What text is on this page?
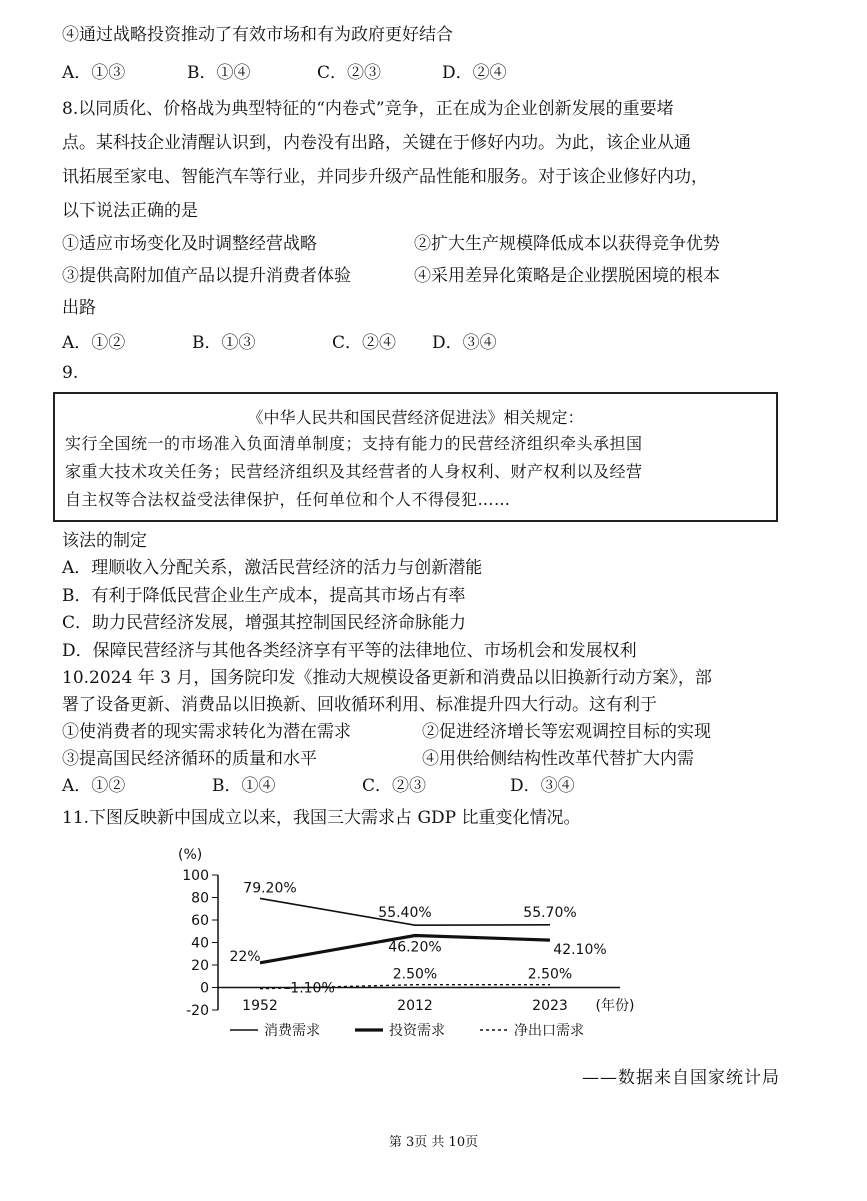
④通过战略投资推动了有效市场和有为政府更好结合
A．①③	B．①④	C．②③	D．②④
8.以同质化、价格战为典型特征的“内卷式”竞争，正在成为企业创新发展的重要堵
点。某科技企业清醒认识到，内卷没有出路，关键在于修好内功。为此，该企业从通
讯拓展至家电、智能汽车等行业，并同步升级产品性能和服务。对于该企业修好内功，
以下说法正确的是
①适应市场变化及时调整经营战略	②扩大生产规模降低成本以获得竞争优势
③提供高附加值产品以提升消费者体验	④采用差异化策略是企业摆脱困境的根本
出路
A．①②	B．①③	C．②④ D．③④
9.
《中华人民共和国民营经济促进法》相关规定：
实行全国统一的市场准入负面清单制度；支持有能力的民营经济组织牵头承担国
家重大技术攻关任务；民营经济组织及其经营者的人身权利、财产权利以及经营
自主权等合法权益受法律保护，任何单位和个人不得侵犯……
该法的制定
A．理顺收入分配关系，激活民营经济的活力与创新潜能
B．有利于降低民营企业生产成本，提高其市场占有率
C．助力民营经济发展，增强其控制国民经济命脉能力
D．保障民营经济与其他各类经济享有平等的法律地位、市场机会和发展权利
10.2024 年 3 月，国务院印发《推动大规模设备更新和消费品以旧换新行动方案》，部
署了设备更新、消费品以旧换新、回收循环利用、标准提升四大行动。这有利于
①使消费者的现实需求转化为潜在需求	②促进经济增长等宏观调控目标的实现
③提高国民经济循环的质量和水平	④用供给侧结构性改革代替扩大内需
A．①②	B．①④	C．②③	D．③④
11.下图反映新中国成立以来，我国三大需求占 GDP 比重变化情况。
(%)
-20
0
20
40
60
80
100
1952	2012	2023 (年份)
79.20%
55.40%	55.70%
22%
46.20%	42.10%
-1.10%
2.50%	2.50%
消费需求	投资需求	净出口需求
——数据来自国家统计局
第 3页 共 10页
